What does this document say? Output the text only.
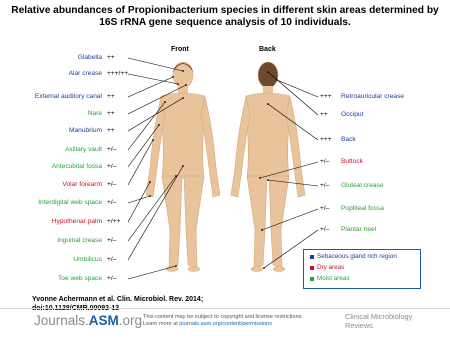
Relative abundances of Propionibacterium species in different skin areas determined by 16S rRNA gene sequence analysis of 10 individuals.
Front	Back
Glabella ++
Alar crease +++/++
External auditory canal ++
Nare ++
Manubrium ++
Axillary vault +/–
Antecubital fossa +/–
Volar forearm +/–
Interdigital web space +/–
Hypothenar palm +/++
Inguinal crease +/–
Umbilicus +/–
Toe web space +/–
+++ Retroauricular crease
++ Occiput
+++ Back
+/– Buttock
+/– Gluteal crease
+/– Popliteal fossa
+/– Plantar heel
Sebaceous gland rich region
Dry areas
Moist areas
Yvonne Achermann et al. Clin. Microbiol. Rev. 2014;
Journals.ASM.org This content may be subject to copyright and license restrictions.
Learn more at journals.asm.org/content/permissions
Clinical Microbiology
Reviews
